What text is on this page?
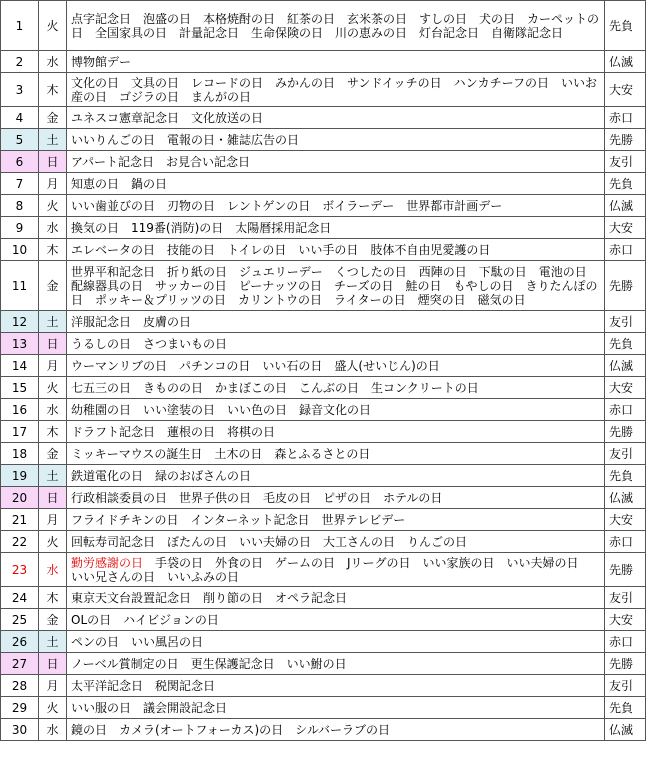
1	火	点字記念日　泡盛の日　本格焼酎の日　紅茶の日　玄米茶の日　すしの日　犬の日　カーペットの日　全国家具の日　計量記念日　生命保険の日　川の恵みの日　灯台記念日　自衛隊記念日	先負
2	水	博物館デー	仏滅
3	木	文化の日　文具の日　レコードの日　みかんの日　サンドイッチの日　ハンカチーフの日　いいお産の日　ゴジラの日　まんがの日	大安
4	金	ユネスコ憲章記念日　文化放送の日	赤口
5	土	いいりんごの日　電報の日・雑誌広告の日	先勝
6	日	アパート記念日　お見合い記念日	友引
7	月	知恵の日　鍋の日	先負
8	火	いい歯並びの日　刃物の日　レントゲンの日　ボイラーデー　世界都市計画デー	仏滅
9	水	換気の日　119番(消防)の日　太陽暦採用記念日	大安
10	木	エレベータの日　技能の日　トイレの日　いい手の日　肢体不自由児愛護の日	赤口
11	金	世界平和記念日　折り紙の日　ジュエリーデー　くつしたの日　西陣の日　下駄の日　電池の日　配線器具の日　サッカーの日　ピーナッツの日　チーズの日　鮭の日　もやしの日　きりたんぽの日　ポッキー＆プリッツの日　カリントウの日　ライターの日　煙突の日　磁気の日	先勝
12	土	洋服記念日　皮膚の日	友引
13	日	うるしの日　さつまいもの日	先負
14	月	ウーマンリブの日　パチンコの日　いい石の日　盛人(せいじん)の日	仏滅
15	火	七五三の日　きものの日　かまぼこの日　こんぶの日　生コンクリートの日	大安
16	水	幼稚園の日　いい塗装の日　いい色の日　録音文化の日	赤口
17	木	ドラフト記念日　蓮根の日　将棋の日	先勝
18	金	ミッキーマウスの誕生日　土木の日　森とふるさとの日	友引
19	土	鉄道電化の日　緑のおばさんの日	先負
20	日	行政相談委員の日　世界子供の日　毛皮の日　ピザの日　ホテルの日	仏滅
21	月	フライドチキンの日　インターネット記念日　世界テレビデー	大安
22	火	回転寿司記念日　ぼたんの日　いい夫婦の日　大工さんの日　りんごの日	赤口
23	水	勤労感謝の日　手袋の日　外食の日　ゲームの日　Jリーグの日　いい家族の日　いい夫婦の日　いい兄さんの日　いいふみの日	先勝
24	木	東京天文台設置記念日　削り節の日　オペラ記念日	友引
25	金	OLの日　ハイビジョンの日	大安
26	土	ペンの日　いい風呂の日	赤口
27	日	ノーベル賞制定の日　更生保護記念日　いい鮒の日	先勝
28	月	太平洋記念日　税関記念日	友引
29	火	いい服の日　議会開設記念日	先負
30	水	鏡の日　カメラ(オートフォーカス)の日　シルバーラブの日	仏滅
